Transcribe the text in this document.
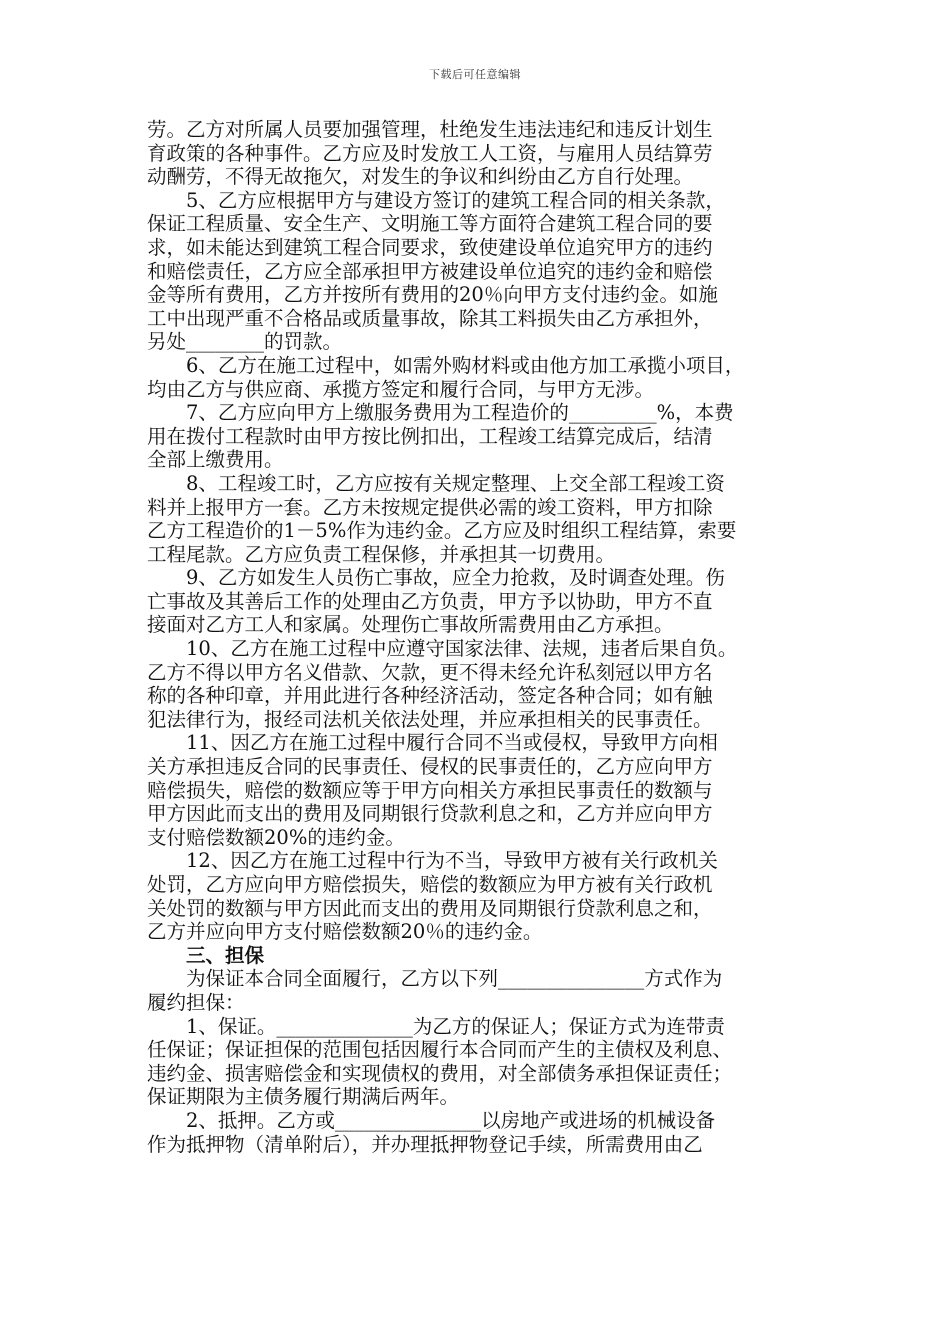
下载后可任意编辑
劳。乙方对所属人员要加强管理，杜绝发生违法违纪和违反计划生
育政策的各种事件。乙方应及时发放工人工资，与雇用人员结算劳
动酬劳，不得无故拖欠，对发生的争议和纠纷由乙方自行处理。
5、乙方应根据甲方与建设方签订的建筑工程合同的相关条款，
保证工程质量、安全生产、文明施工等方面符合建筑工程合同的要
求，如未能达到建筑工程合同要求，致使建设单位追究甲方的违约
和赔偿责任，乙方应全部承担甲方被建设单位追究的违约金和赔偿
金等所有费用，乙方并按所有费用的20％向甲方支付违约金。如施
工中出现严重不合格品或质量事故，除其工料损失由乙方承担外，
另处________的罚款。
6、乙方在施工过程中，如需外购材料或由他方加工承揽小项目，
均由乙方与供应商、承揽方签定和履行合同，与甲方无涉。
7、乙方应向甲方上缴服务费用为工程造价的_________%，本费
用在拨付工程款时由甲方按比例扣出，工程竣工结算完成后，结清
全部上缴费用。
8、工程竣工时，乙方应按有关规定整理、上交全部工程竣工资
料并上报甲方一套。乙方未按规定提供必需的竣工资料，甲方扣除
乙方工程造价的1－5%作为违约金。乙方应及时组织工程结算，索要
工程尾款。乙方应负责工程保修，并承担其一切费用。
9、乙方如发生人员伤亡事故，应全力抢救，及时调查处理。伤
亡事故及其善后工作的处理由乙方负责，甲方予以协助，甲方不直
接面对乙方工人和家属。处理伤亡事故所需费用由乙方承担。
10、乙方在施工过程中应遵守国家法律、法规，违者后果自负。
乙方不得以甲方名义借款、欠款，更不得未经允许私刻冠以甲方名
称的各种印章，并用此进行各种经济活动，签定各种合同；如有触
犯法律行为，报经司法机关依法处理，并应承担相关的民事责任。
11、因乙方在施工过程中履行合同不当或侵权，导致甲方向相
关方承担违反合同的民事责任、侵权的民事责任的，乙方应向甲方
赔偿损失，赔偿的数额应等于甲方向相关方承担民事责任的数额与
甲方因此而支出的费用及同期银行贷款利息之和，乙方并应向甲方
支付赔偿数额20%的违约金。
12、因乙方在施工过程中行为不当，导致甲方被有关行政机关
处罚，乙方应向甲方赔偿损失，赔偿的数额应为甲方被有关行政机
关处罚的数额与甲方因此而支出的费用及同期银行贷款利息之和，
乙方并应向甲方支付赔偿数额20％的违约金。
三、担保
为保证本合同全面履行，乙方以下列_______________方式作为
履约担保：
1、保证。______________为乙方的保证人；保证方式为连带责
任保证；保证担保的范围包括因履行本合同而产生的主债权及利息、
违约金、损害赔偿金和实现债权的费用，对全部债务承担保证责任；
保证期限为主债务履行期满后两年。
2、抵押。乙方或_______________以房地产或进场的机械设备
作为抵押物（清单附后），并办理抵押物登记手续，所需费用由乙
